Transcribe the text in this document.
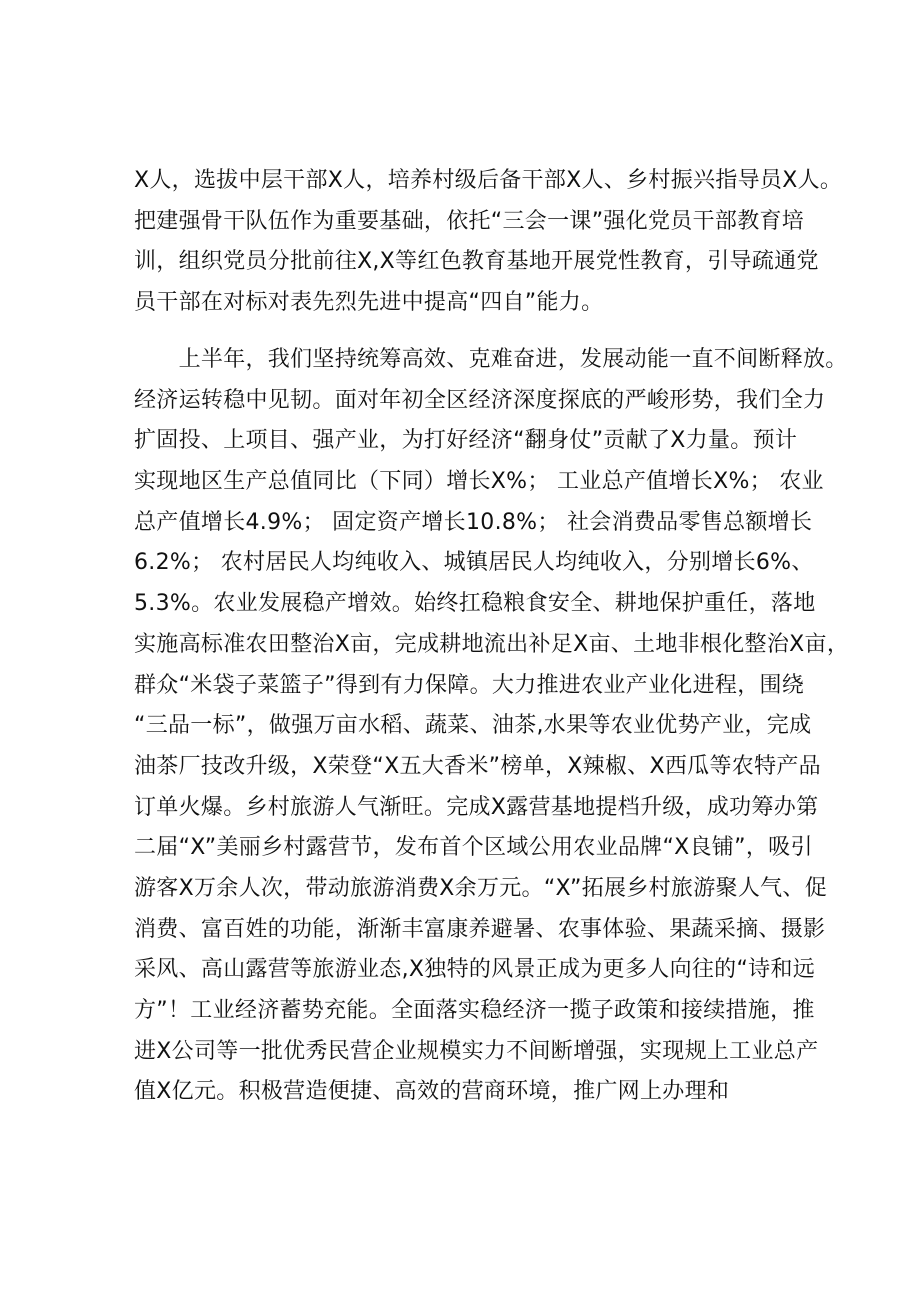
X人，选拔中层干部X人，培养村级后备干部X人、乡村振兴指导员X人。
把建强骨干队伍作为重要基础，依托“三会一课”强化党员干部教育培
训，组织党员分批前往X,X等红色教育基地开展党性教育，引导疏通党
员干部在对标对表先烈先进中提高“四自”能力。
　　上半年，我们坚持统筹高效、克难奋进，发展动能一直不间断释放。
经济运转稳中见韧。面对年初全区经济深度探底的严峻形势，我们全力
扩固投、上项目、强产业，为打好经济“翻身仗”贡献了X力量。预计
实现地区生产总值同比（下同）增长X%； 工业总产值增长X%； 农业
总产值增长4.9%； 固定资产增长10.8%； 社会消费品零售总额增长
6.2%； 农村居民人均纯收入、城镇居民人均纯收入，分别增长6%、
5.3%。农业发展稳产增效。始终扛稳粮食安全、耕地保护重任，落地
实施高标准农田整治X亩，完成耕地流出补足X亩、土地非根化整治X亩，
群众“米袋子菜篮子”得到有力保障。大力推进农业产业化进程，围绕
“三品一标”，做强万亩水稻、蔬菜、油茶,水果等农业优势产业，完成
油茶厂技改升级，X荣登“X五大香米”榜单，X辣椒、X西瓜等农特产品
订单火爆。乡村旅游人气渐旺。完成X露营基地提档升级，成功筹办第
二届“X”美丽乡村露营节，发布首个区域公用农业品牌“X良铺”，吸引
游客X万余人次，带动旅游消费X余万元。“X”拓展乡村旅游聚人气、促
消费、富百姓的功能，渐渐丰富康养避暑、农事体验、果蔬采摘、摄影
采风、高山露营等旅游业态,X独特的风景正成为更多人向往的“诗和远
方”！工业经济蓄势充能。全面落实稳经济一揽子政策和接续措施，推
进X公司等一批优秀民营企业规模实力不间断增强，实现规上工业总产
值X亿元。积极营造便捷、高效的营商环境，推广网上办理和
